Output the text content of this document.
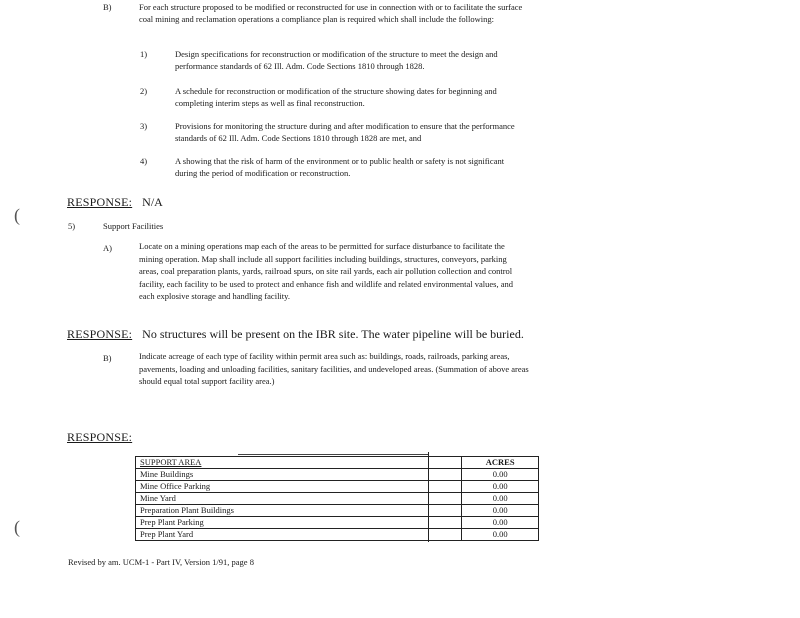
B)	For each structure proposed to be modified or reconstructed for use in connection with or to facilitate the surface coal mining and reclamation operations a compliance plan is required which shall include the following:
1)	Design specifications for reconstruction or modification of the structure to meet the design and performance standards of 62 Ill. Adm. Code Sections 1810 through 1828.
2)	A schedule for reconstruction or modification of the structure showing dates for beginning and completing interim steps as well as final reconstruction.
3)	Provisions for monitoring the structure during and after modification to ensure that the performance standards of 62 Ill. Adm. Code Sections 1810 through 1828 are met, and
4)	A showing that the risk of harm of the environment or to public health or safety is not significant during the period of modification or reconstruction.
RESPONSE: N/A
(
(
5)	Support Facilities
A)	Locate on a mining operations map each of the areas to be permitted for surface disturbance to facilitate the mining operation. Map shall include all support facilities including buildings, structures, conveyors, parking areas, coal preparation plants, yards, railroad spurs, on site rail yards, each air pollution collection and control facility, each facility to be used to protect and enhance fish and wildlife and related environmental values, and each explosive storage and handling facility.
RESPONSE: No structures will be present on the IBR site. The water pipeline will be buried.
B)	Indicate acreage of each type of facility within permit area such as: buildings, roads, railroads, parking areas, pavements, loading and unloading facilities, sanitary facilities, and undeveloped areas. (Summation of above areas should equal total support facility area.)
RESPONSE:
SUPPORT AREA	ACRES
Mine Buildings	0.00
Mine Office Parking	0.00
Mine Yard	0.00
Preparation Plant Buildings	0.00
Prep Plant Parking	0.00
Prep Plant Yard	0.00
Revised by am. UCM-1 - Part IV, Version 1/91, page 8
